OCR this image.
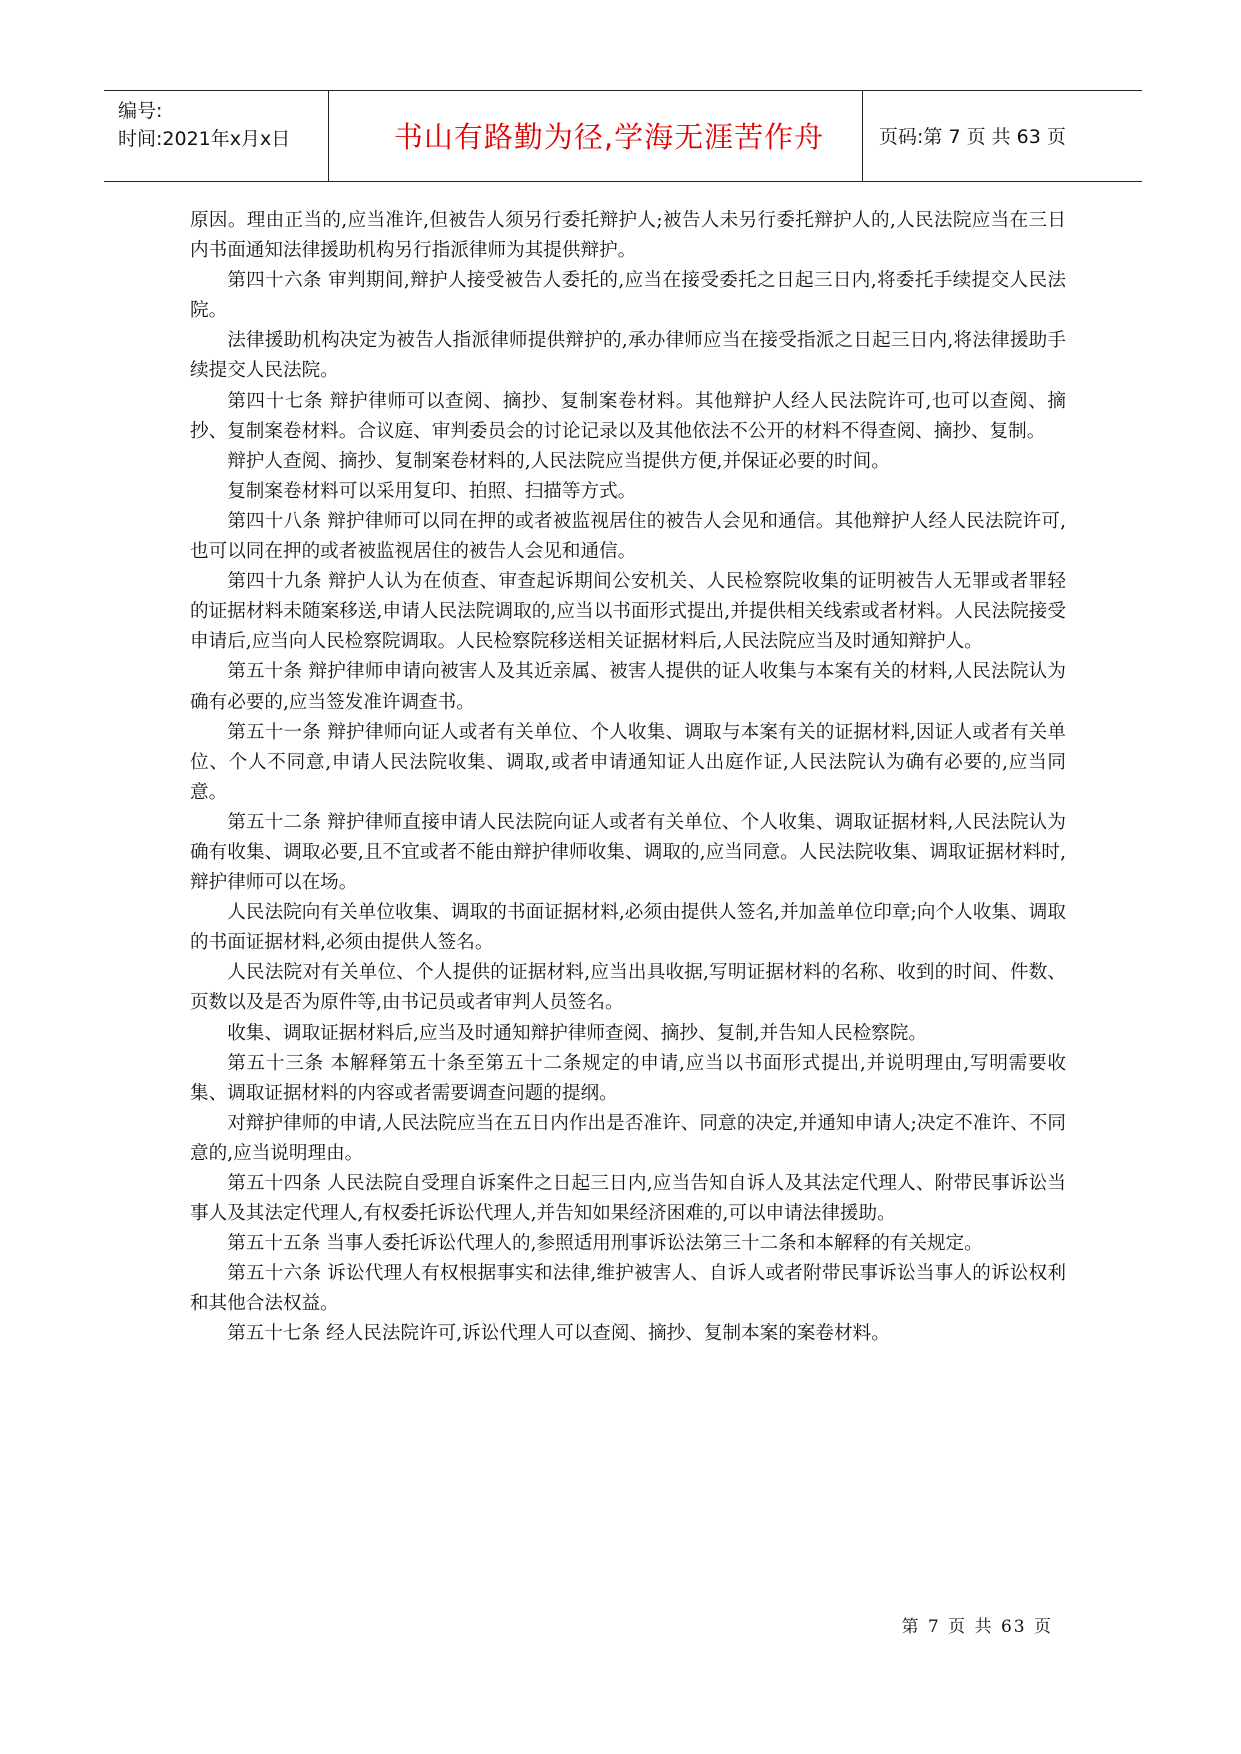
编号:
时间:2021年x月x日	书山有路勤为径,学海无涯苦作舟	页码:第 7 页 共 63 页

原因。理由正当的,应当准许,但被告人须另行委托辩护人;被告人未另行委托辩护人的,人民法院应当在三日内书面通知法律援助机构另行指派律师为其提供辩护。

第四十六条 审判期间,辩护人接受被告人委托的,应当在接受委托之日起三日内,将委托手续提交人民法院。

法律援助机构决定为被告人指派律师提供辩护的,承办律师应当在接受指派之日起三日内,将法律援助手续提交人民法院。

第四十七条 辩护律师可以查阅、摘抄、复制案卷材料。其他辩护人经人民法院许可,也可以查阅、摘抄、复制案卷材料。合议庭、审判委员会的讨论记录以及其他依法不公开的材料不得查阅、摘抄、复制。

辩护人查阅、摘抄、复制案卷材料的,人民法院应当提供方便,并保证必要的时间。

复制案卷材料可以采用复印、拍照、扫描等方式。

第四十八条 辩护律师可以同在押的或者被监视居住的被告人会见和通信。其他辩护人经人民法院许可,也可以同在押的或者被监视居住的被告人会见和通信。

第四十九条 辩护人认为在侦查、审查起诉期间公安机关、人民检察院收集的证明被告人无罪或者罪轻的证据材料未随案移送,申请人民法院调取的,应当以书面形式提出,并提供相关线索或者材料。人民法院接受申请后,应当向人民检察院调取。人民检察院移送相关证据材料后,人民法院应当及时通知辩护人。

第五十条 辩护律师申请向被害人及其近亲属、被害人提供的证人收集与本案有关的材料,人民法院认为确有必要的,应当签发准许调查书。

第五十一条 辩护律师向证人或者有关单位、个人收集、调取与本案有关的证据材料,因证人或者有关单位、个人不同意,申请人民法院收集、调取,或者申请通知证人出庭作证,人民法院认为确有必要的,应当同意。

第五十二条 辩护律师直接申请人民法院向证人或者有关单位、个人收集、调取证据材料,人民法院认为确有收集、调取必要,且不宜或者不能由辩护律师收集、调取的,应当同意。人民法院收集、调取证据材料时,辩护律师可以在场。

人民法院向有关单位收集、调取的书面证据材料,必须由提供人签名,并加盖单位印章;向个人收集、调取的书面证据材料,必须由提供人签名。

人民法院对有关单位、个人提供的证据材料,应当出具收据,写明证据材料的名称、收到的时间、件数、页数以及是否为原件等,由书记员或者审判人员签名。

收集、调取证据材料后,应当及时通知辩护律师查阅、摘抄、复制,并告知人民检察院。

第五十三条 本解释第五十条至第五十二条规定的申请,应当以书面形式提出,并说明理由,写明需要收集、调取证据材料的内容或者需要调查问题的提纲。

对辩护律师的申请,人民法院应当在五日内作出是否准许、同意的决定,并通知申请人;决定不准许、不同意的,应当说明理由。

第五十四条 人民法院自受理自诉案件之日起三日内,应当告知自诉人及其法定代理人、附带民事诉讼当事人及其法定代理人,有权委托诉讼代理人,并告知如果经济困难的,可以申请法律援助。

第五十五条 当事人委托诉讼代理人的,参照适用刑事诉讼法第三十二条和本解释的有关规定。

第五十六条 诉讼代理人有权根据事实和法律,维护被害人、自诉人或者附带民事诉讼当事人的诉讼权利和其他合法权益。

第五十七条 经人民法院许可,诉讼代理人可以查阅、摘抄、复制本案的案卷材料。

第 7 页 共 63 页
